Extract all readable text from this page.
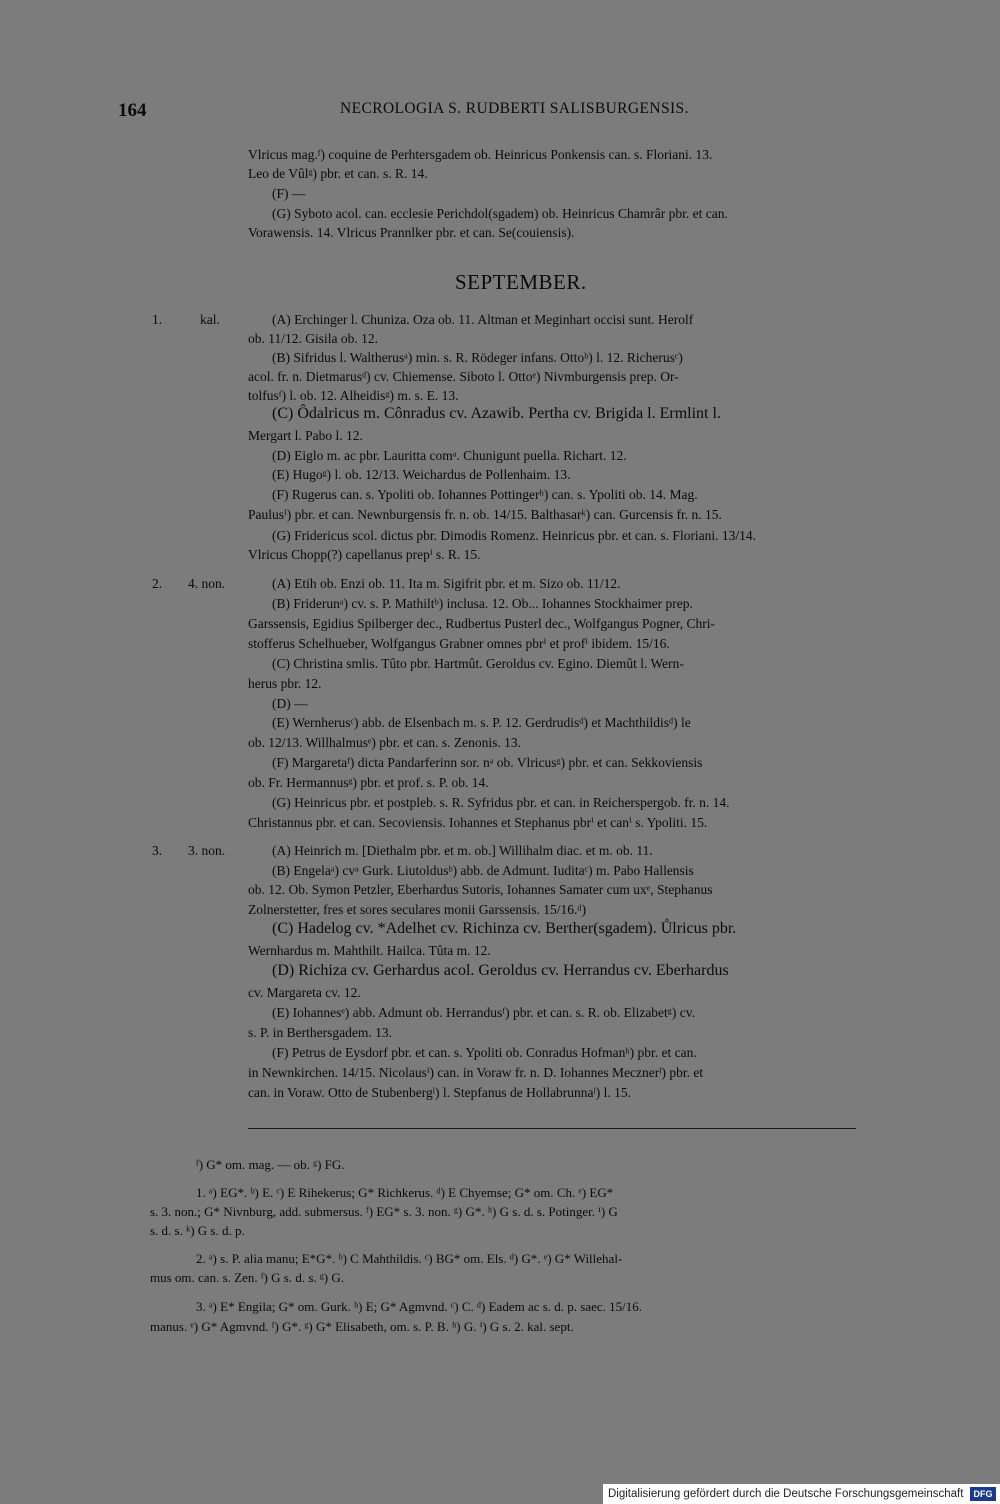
164	NECROLOGIA S. RUDBERTI SALISBURGENSIS.
Vlricus mag.ᶠ) coquine de Perhtersgadem ob. Heinricus Ponkensis can. s. Floriani. 13.
Leo de Vûlᵍ) pbr. et can. s. R. 14.
(F) —
(G) Syboto acol. can. ecclesie Perichdol(sgadem) ob. Heinricus Chamrâr pbr. et can.
Vorawensis. 14. Vlricus Prannlker pbr. et can. Se(couiensis).
SEPTEMBER.
1.	kal.	(A) Erchinger l. Chuniza. Oza ob. 11. Altman et Meginhart occisi sunt. Herolf
ob. 11/12. Gisila ob. 12.
(B) Sifridus l. Waltherusᵃ) min. s. R. Rödeger infans. Ottoᵇ) l. 12. Richerusᶜ)
acol. fr. n. Dietmarusᵈ) cv. Chiemense. Siboto l. Ottoᵉ) Nivmburgensis prep. Or-
tolfusᶠ) l. ob. 12. Alheidisᵍ) m. s. E. 13.
(C) Ôdalricus m. Cônradus cv. Azawib. Pertha cv. Brigida l. Ermlint l.
Mergart l. Pabo l. 12.
(D) Eiglo m. ac pbr. Lauritta comᵃ. Chunigunt puella. Richart. 12.
(E) Hugoᵍ) l. ob. 12/13. Weichardus de Pollenhaim. 13.
(F) Rugerus can. s. Ypoliti ob. Iohannes Pottingerʰ) can. s. Ypoliti ob. 14. Mag.
Paulusⁱ) pbr. et can. Newnburgensis fr. n. ob. 14/15. Balthasarᵏ) can. Gurcensis fr. n. 15.
(G) Fridericus scol. dictus pbr. Dimodis Romenz. Heinricus pbr. et can. s. Floriani. 13/14.
Vlricus Chopp(?) capellanus prepⁱ s. R. 15.
2. 4. non.	(A) Etih ob. Enzi ob. 11. Ita m. Sigifrit pbr. et m. Sizo ob. 11/12.
(B) Friderunᵃ) cv. s. P. Mathiltᵇ) inclusa. 12. Ob... Iohannes Stockhaimer prep.
Garssensis, Egidius Spilberger dec., Rudbertus Pusterl dec., Wolfgangus Pogner, Chri-
stofferus Schelhueber, Wolfgangus Grabner omnes pbrⁱ et profⁱ ibidem. 15/16.
(C) Christina smlis. Tûto pbr. Hartmût. Geroldus cv. Egino. Diemût l. Wern-
herus pbr. 12.
(D) —
(E) Wernherusᶜ) abb. de Elsenbach m. s. P. 12. Gerdrudisᵈ) et Machthildisᵈ) le
ob. 12/13. Willhalmusᵉ) pbr. et can. s. Zenonis. 13.
(F) Margaretaᶠ) dicta Pandarferinn sor. nᵃ ob. Vlricusᵍ) pbr. et can. Sekkoviensis
ob. Fr. Hermannusᵍ) pbr. et prof. s. P. ob. 14.
(G) Heinricus pbr. et postpleb. s. R. Syfridus pbr. et can. in Reicherspergob. fr. n. 14.
Christannus pbr. et can. Secoviensis. Iohannes et Stephanus pbrⁱ et canⁱ s. Ypoliti. 15.
3. 3. non.	(A) Heinrich m. [Diethalm pbr. et m. ob.] Willihalm diac. et m. ob. 11.
(B) Engelaᵃ) cvᵃ Gurk. Liutoldusᵇ) abb. de Admunt. Iuditaᶜ) m. Pabo Hallensis
ob. 12. Ob. Symon Petzler, Eberhardus Sutoris, Iohannes Samater cum uxᵉ, Stephanus
Zolnerstetter, fres et sores seculares monii Garssensis. 15/16.ᵈ)
(C) Hadelog cv. *Adelhet cv. Richinza cv. Berther(sgadem). Ůlricus pbr.
Wernhardus m. Mahthilt. Hailca. Tûta m. 12.
(D) Richiza cv. Gerhardus acol. Geroldus cv. Herrandus cv. Eberhardus
cv. Margareta cv. 12.
(E) Iohannesᵉ) abb. Admunt ob. Herrandusᶠ) pbr. et can. s. R. ob. Elizabetᵍ) cv.
s. P. in Berthersgadem. 13.
(F) Petrus de Eysdorf pbr. et can. s. Ypoliti ob. Conradus Hofmanʰ) pbr. et can.
in Newnkirchen. 14/15. Nicolausⁱ) can. in Voraw fr. n. D. Iohannes Mecznerˡ) pbr. et
can. in Voraw. Otto de Stubenbergˡ) l. Stepfanus de Hollabrunnaˡ) l. 15.
ᶠ) G* om. mag. — ob. ᵍ) FG.
1. ᵃ) EG*. ᵇ) E. ᶜ) E Rihekerus; G* Richkerus. ᵈ) E Chyemse; G* om. Ch. ᵉ) EG*
s. 3. non.; G* Nivnburg, add. submersus. ᶠ) EG* s. 3. non. ᵍ) G*. ʰ) G s. d. s. Potinger. ⁱ) G
s. d. s. ᵏ) G s. d. p.
2. ᵃ) s. P. alia manu; E*G*. ᵇ) C Mahthildis. ᶜ) BG* om. Els. ᵈ) G*. ᵉ) G* Willehal-
mus om. can. s. Zen. ᶠ) G s. d. s. ᵍ) G.
3. ᵃ) E* Engila; G* om. Gurk. ᵇ) E; G* Agmvnd. ᶜ) C. ᵈ) Eadem ac s. d. p. saec. 15/16.
manus. ᵉ) G* Agmvnd. ᶠ) G*. ᵍ) G* Elisabeth, om. s. P. B. ʰ) G. ⁱ) G s. 2. kal. sept.
Digitalisierung gefördert durch die Deutsche Forschungsgemeinschaft	DFG
